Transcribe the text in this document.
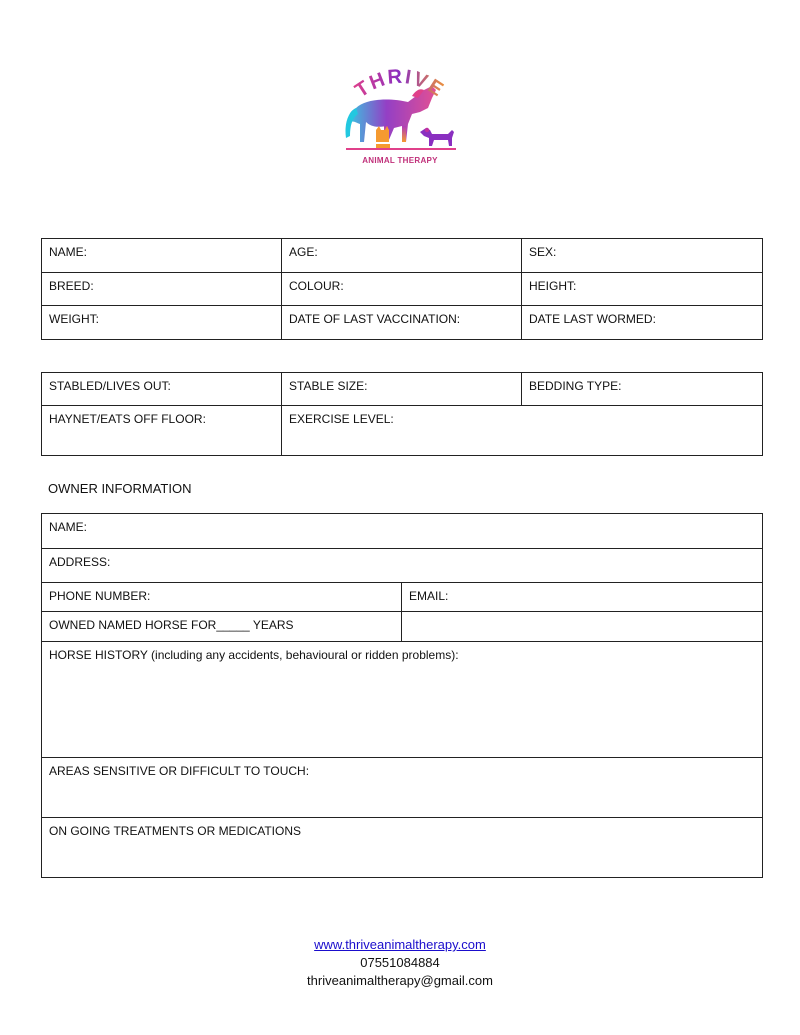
THRIVE
ANIMAL THERAPY
NAME:	AGE:	SEX:
BREED:	COLOUR:	HEIGHT:
WEIGHT:	DATE OF LAST VACCINATION:	DATE LAST WORMED:
STABLED/LIVES OUT:	STABLE SIZE:	BEDDING TYPE:
HAYNET/EATS OFF FLOOR:	EXERCISE LEVEL:	
OWNER INFORMATION
NAME:	
ADDRESS:	
PHONE NUMBER:	EMAIL:
OWNED NAMED HORSE FOR_____ YEARS	
HORSE HISTORY (including any accidents, behavioural or ridden problems):	
AREAS SENSITIVE OR DIFFICULT TO TOUCH:	
ON GOING TREATMENTS OR MEDICATIONS	
www.thriveanimaltherapy.com
07551084884
thriveanimaltherapy@gmail.com
